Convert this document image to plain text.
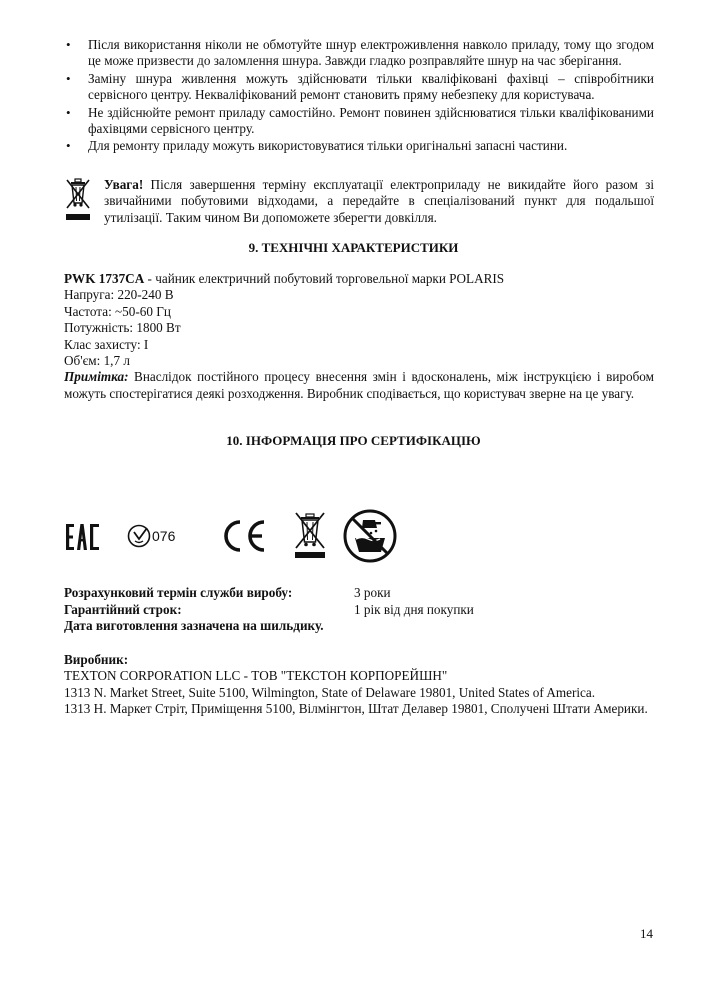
• Після використання ніколи не обмотуйте шнур електроживлення навколо приладу, тому що згодом це може призвести до заломлення шнура. Завжди гладко розправляйте шнур на час зберігання.
• Заміну шнура живлення можуть здійснювати тільки кваліфіковані фахівці – співробітники сервісного центру. Некваліфікований ремонт становить пряму небезпеку для користувача.
• Не здійснюйте ремонт приладу самостійно. Ремонт повинен здійснюватися тільки кваліфікованими фахівцями сервісного центру.
• Для ремонту приладу можуть використовуватися тільки оригінальні запасні частини.
Увага! Після завершення терміну експлуатації електроприладу не викидайте його разом зі звичайними побутовими відходами, а передайте в спеціалізований пункт для подальшої утилізації. Таким чином Ви допоможете зберегти довкілля.
9. ТЕХНІЧНІ ХАРАКТЕРИСТИКИ
PWK 1737CA - чайник електричний побутовий торговельної марки POLARIS
Напруга: 220-240 В
Частота: ~50-60 Гц
Потужність: 1800 Вт
Клас захисту: I
Об'єм: 1,7 л
Примітка: Внаслідок постійного процесу внесення змін і вдосконалень, між інструкцією і виробом можуть спостерігатися деякі розходження. Виробник сподівається, що користувач зверне на це увагу.
10. ІНФОРМАЦІЯ ПРО СЕРТИФІКАЦІЮ
076
Розрахунковий термін служби виробу:	3 роки
Гарантійний строк:	1 рік від дня покупки
Дата виготовлення зазначена на шильдику.
Виробник:
TEXTON CORPORATION LLC - ТОВ "ТЕКСТОН КОРПОРЕЙШН"
1313 N. Market Street, Suite 5100, Wilmington, State of Delaware 19801, United States of America.
1313 Н. Маркет Стріт, Приміщення 5100, Вілмінгтон, Штат Делавер 19801, Сполучені Штати Америки.
14
